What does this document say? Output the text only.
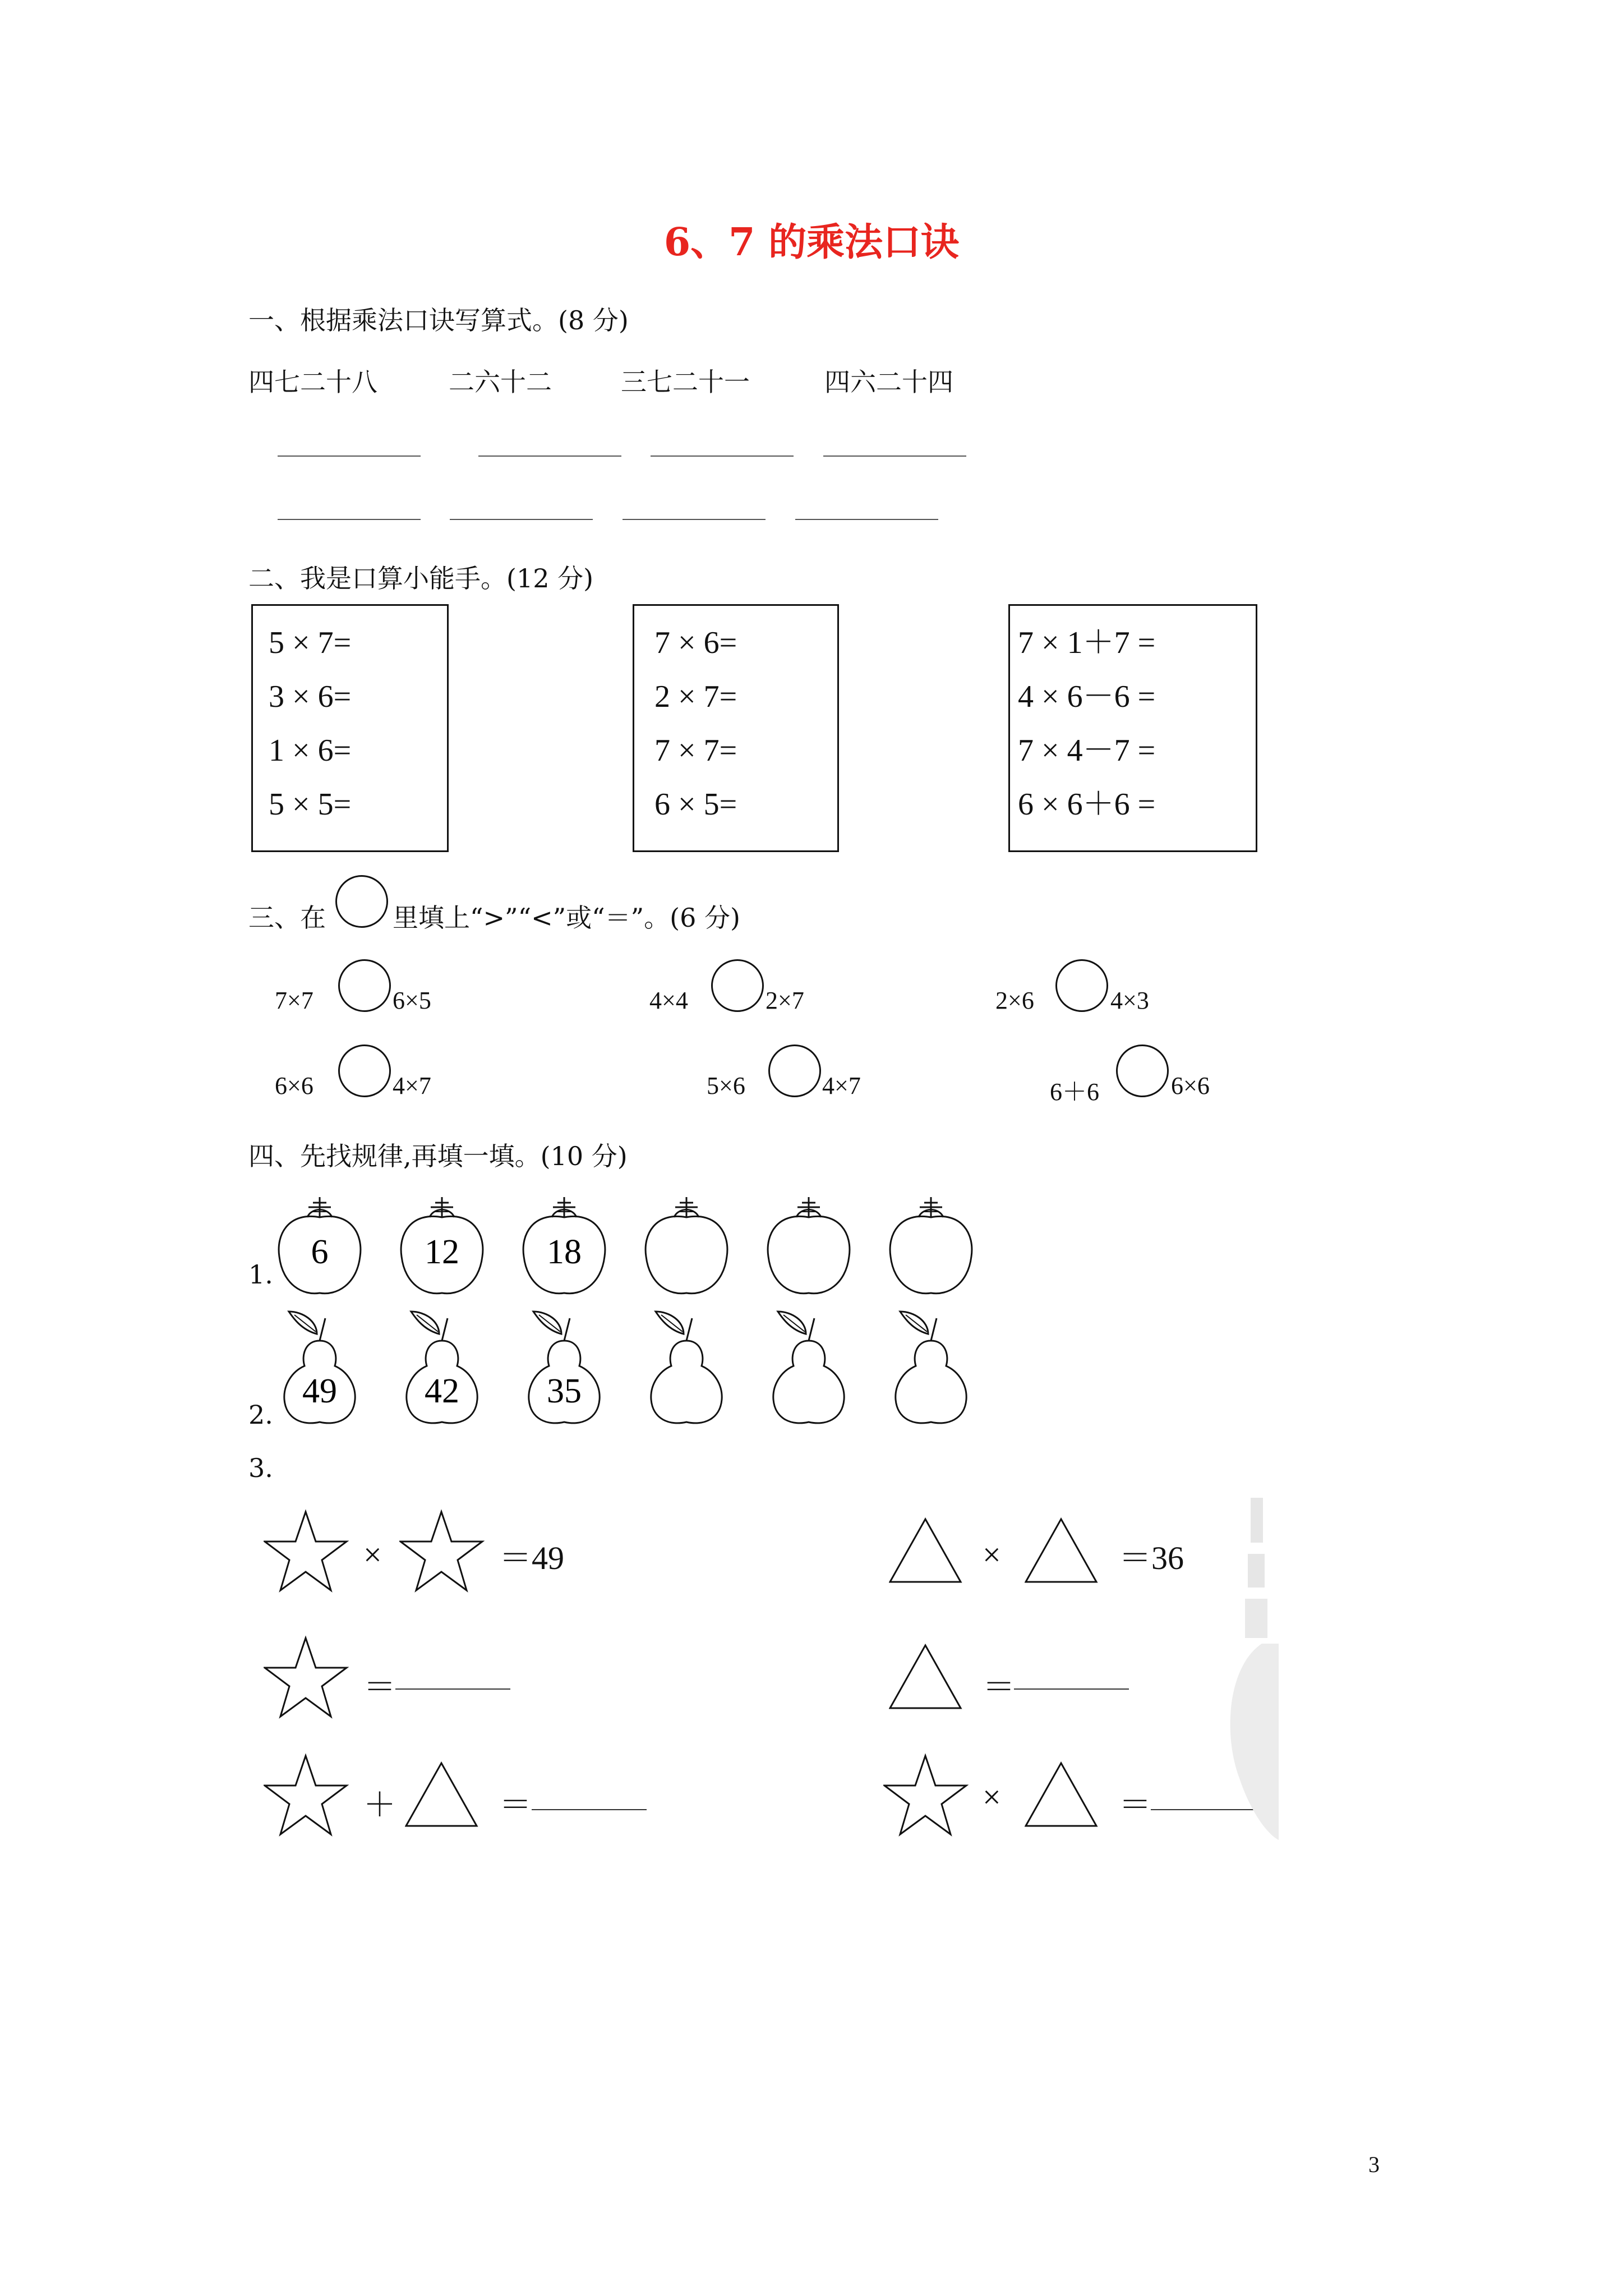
6、7 的乘法口诀
一、根据乘法口诀写算式。(8 分)
四七二十八	二六十二	三七二十一	四六二十四
二、我是口算小能手。(12 分)
5 × 7=
3 × 6=
1 × 6=
5 × 5=
7 × 6=
2 × 7=
7 × 7=
6 × 5=
7 × 1＋7 =
4 × 6－6 =
7 × 4－7 =
6 × 6＋6 =
三、在	里填上“>”“<”或“＝”。(6 分)
7×7	6×5	4×4	2×7	2×6	4×3
6×6	4×7	5×6	4×7	6＋6	6×6
四、先找规律,再填一填。(10 分)
1.
6	12	18
2.
49	42	35
3.
×	＝49	×	＝36
＝	＝
＋	＝	×	＝
3
